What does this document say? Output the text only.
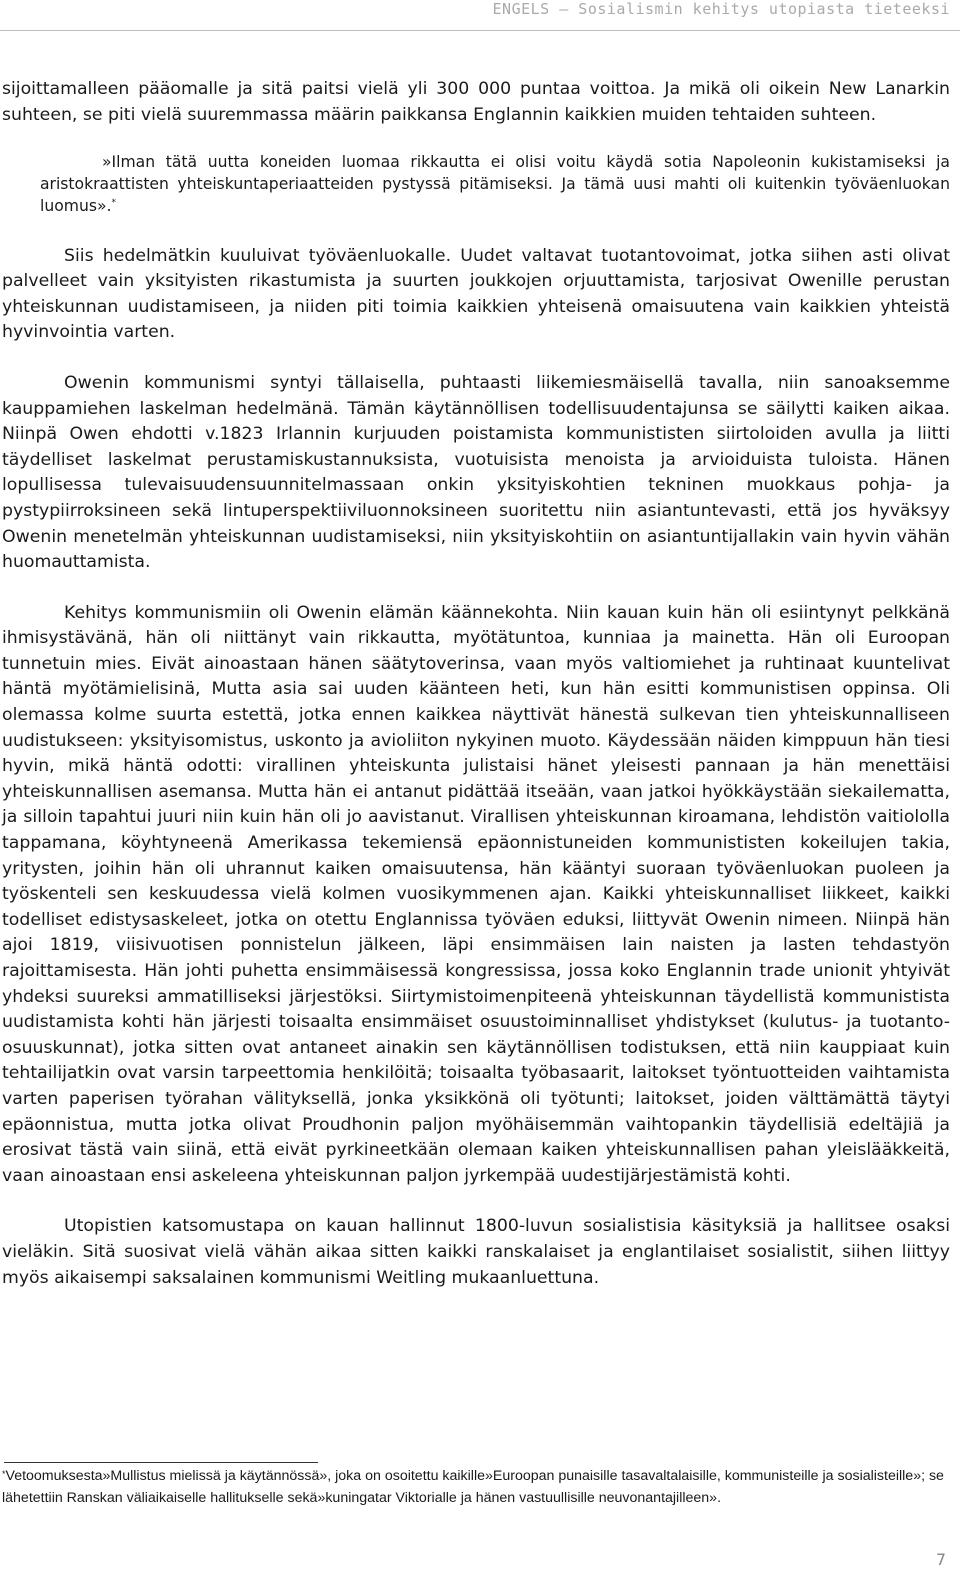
ENGELS – Sosialismin kehitys utopiasta tieteeksi

sijoittamalleen pääomalle ja sitä paitsi vielä yli 300 000 puntaa voittoa. Ja mikä oli oikein New Lanarkin suhteen, se piti vielä suuremmassa määrin paikkansa Englannin kaikkien muiden tehtaiden suhteen.

»Ilman tätä uutta koneiden luomaa rikkautta ei olisi voitu käydä sotia Napoleonin kukistamiseksi ja aristokraattisten yhteiskuntaperiaatteiden pystyssä pitämiseksi. Ja tämä uusi mahti oli kuitenkin työväenluokan luomus».*

Siis hedelmätkin kuuluivat työväenluokalle. Uudet valtavat tuotantovoimat, jotka siihen asti olivat palvelleet vain yksityisten rikastumista ja suurten joukkojen orjuuttamista, tarjosivat Owenille perustan yhteiskunnan uudistamiseen, ja niiden piti toimia kaikkien yhteisenä omaisuutena vain kaikkien yhteistä hyvinvointia varten.

Owenin kommunismi syntyi tällaisella, puhtaasti liikemiesmäisellä tavalla, niin sanoaksemme kauppamiehen laskelman hedelmänä. Tämän käytännöllisen todellisuudentajunsa se säilytti kaiken aikaa. Niinpä Owen ehdotti v.1823 Irlannin kurjuuden poistamista kommunististen siirtoloiden avulla ja liitti täydelliset laskelmat perustamiskustannuksista, vuotuisista menoista ja arvioiduista tuloista. Hänen lopullisessa tulevaisuudensuunnitelmassaan onkin yksityiskohtien tekninen muokkaus pohja- ja pystypiirroksineen sekä lintuperspektiiviluonnoksineen suoritettu niin asiantuntevasti, että jos hyväksyy Owenin menetelmän yhteiskunnan uudistamiseksi, niin yksityiskohtiin on asiantuntijallakin vain hyvin vähän huomauttamista.

Kehitys kommunismiin oli Owenin elämän käännekohta. Niin kauan kuin hän oli esiintynyt pelkkänä ihmisystävänä, hän oli niittänyt vain rikkautta, myötätuntoa, kunniaa ja mainetta. Hän oli Euroopan tunnetuin mies. Eivät ainoastaan hänen säätytoverinsa, vaan myös valtiomiehet ja ruhtinaat kuuntelivat häntä myötämielisinä, Mutta asia sai uuden käänteen heti, kun hän esitti kommunistisen oppinsa. Oli olemassa kolme suurta estettä, jotka ennen kaikkea näyttivät hänestä sulkevan tien yhteiskunnalliseen uudistukseen: yksityisomistus, uskonto ja avioliiton nykyinen muoto. Käydessään näiden kimppuun hän tiesi hyvin, mikä häntä odotti: virallinen yhteiskunta julistaisi hänet yleisesti pannaan ja hän menettäisi yhteiskunnallisen asemansa. Mutta hän ei antanut pidättää itseään, vaan jatkoi hyökkäystään siekailematta, ja silloin tapahtui juuri niin kuin hän oli jo aavistanut. Virallisen yhteiskunnan kiroamana, lehdistön vaitiololla tappamana, köyhtyneenä Amerikassa tekemiensä epäonnistuneiden kommunististen kokeilujen takia, yritysten, joihin hän oli uhrannut kaiken omaisuutensa, hän kääntyi suoraan työväenluokan puoleen ja työskenteli sen keskuudessa vielä kolmen vuosikymmenen ajan. Kaikki yhteiskunnalliset liikkeet, kaikki todelliset edistysaskeleet, jotka on otettu Englannissa työväen eduksi, liittyvät Owenin nimeen. Niinpä hän ajoi 1819, viisivuotisen ponnistelun jälkeen, läpi ensimmäisen lain naisten ja lasten tehdastyön rajoittamisesta. Hän johti puhetta ensimmäisessä kongressissa, jossa koko Englannin trade unionit yhtyivät yhdeksi suureksi ammatilliseksi järjestöksi. Siirtymistoimenpiteenä yhteiskunnan täydellistä kommunistista uudistamista kohti hän järjesti toisaalta ensimmäiset osuustoiminnalliset yhdistykset (kulutus- ja tuotanto-osuuskunnat), jotka sitten ovat antaneet ainakin sen käytännöllisen todistuksen, että niin kauppiaat kuin tehtailijatkin ovat varsin tarpeettomia henkilöitä; toisaalta työbasaarit, laitokset työntuotteiden vaihtamista varten paperisen työrahan välityksellä, jonka yksikkönä oli työtunti; laitokset, joiden välttämättä täytyi epäonnistua, mutta jotka olivat Proudhonin paljon myöhäisemmän vaihtopankin täydellisiä edeltäjiä ja erosivat tästä vain siinä, että eivät pyrkineetkään olemaan kaiken yhteiskunnallisen pahan yleislääkkeitä, vaan ainoastaan ensi askeleena yhteiskunnan paljon jyrkempää uudestijärjestämistä kohti.

Utopistien katsomustapa on kauan hallinnut 1800-luvun sosialistisia käsityksiä ja hallitsee osaksi vieläkin. Sitä suosivat vielä vähän aikaa sitten kaikki ranskalaiset ja englantilaiset sosialistit, siihen liittyy myös aikaisempi saksalainen kommunismi Weitling mukaanluettuna.

*Vetoomuksesta»Mullistus mielissä ja käytännössä», joka on osoitettu kaikille»Euroopan punaisille tasavaltalaisille, kommunisteille ja sosialisteille»; se lähetettiin Ranskan väliaikaiselle hallitukselle sekä»kuningatar Viktorialle ja hänen vastuullisille neuvonantajilleen».
7
